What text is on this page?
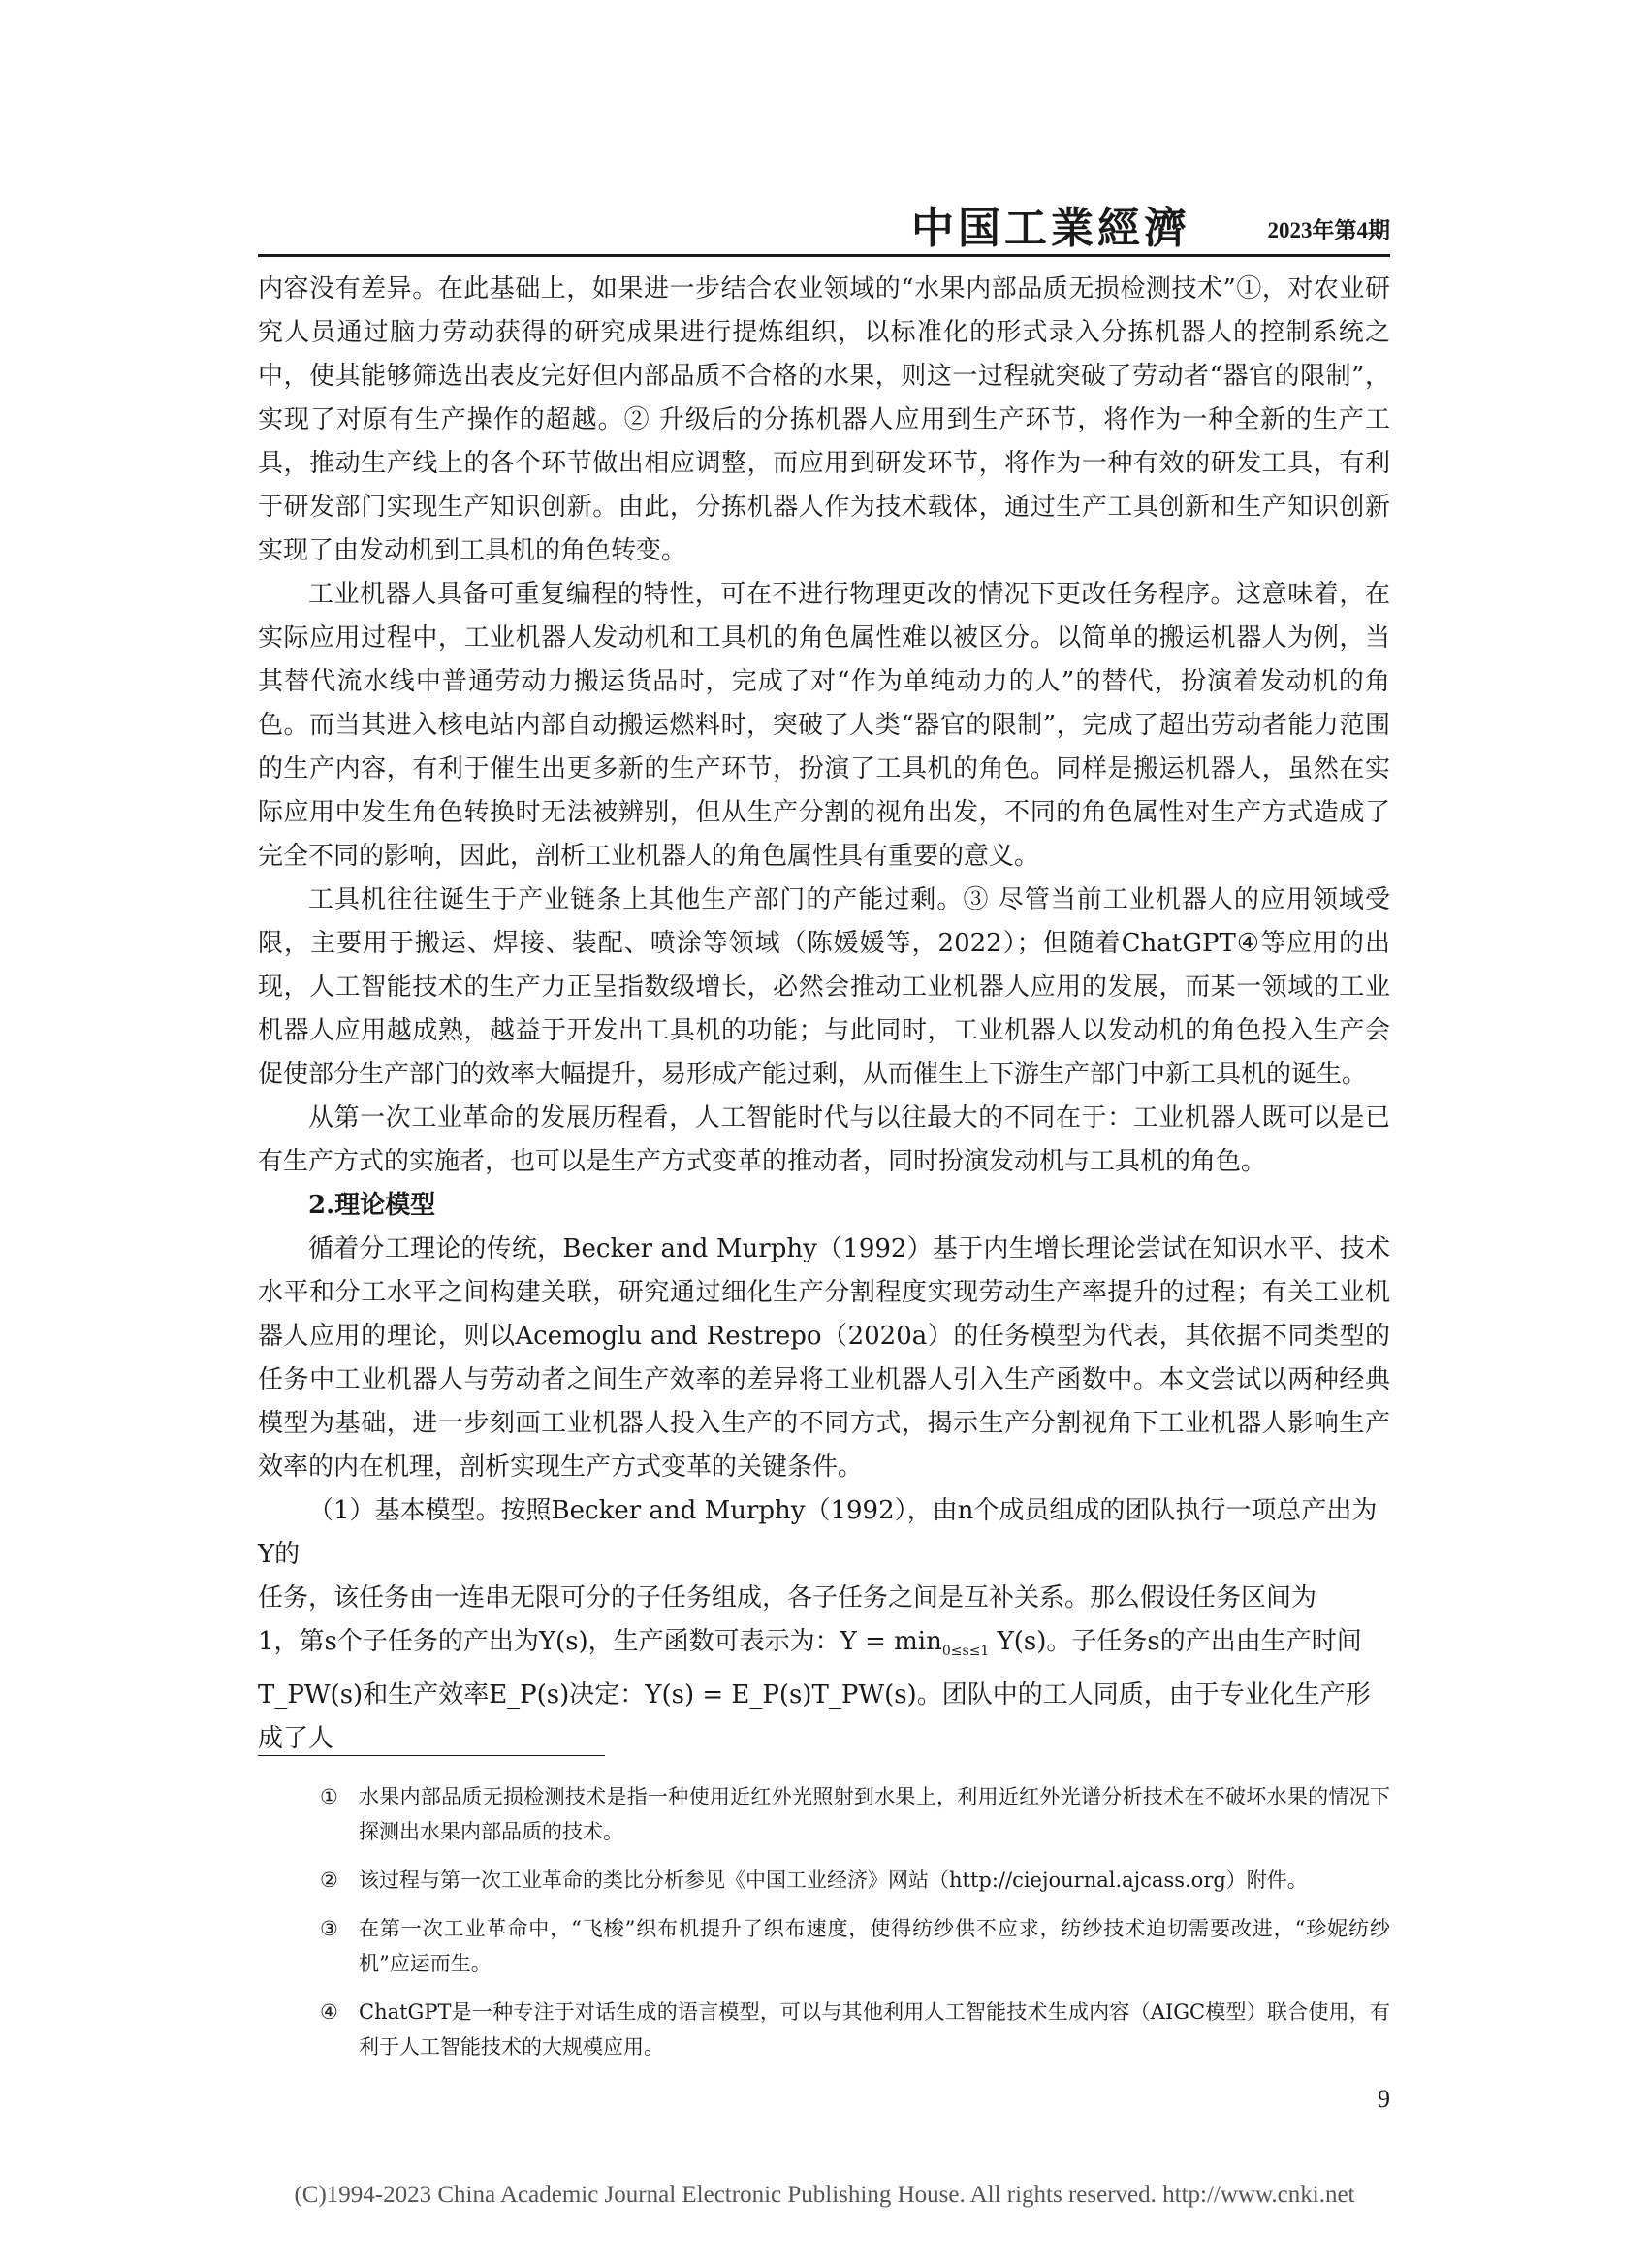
中国工業經濟	2023年第4期

内容没有差异。在此基础上，如果进一步结合农业领域的“水果内部品质无损检测技术”①，对农业研究人员通过脑力劳动获得的研究成果进行提炼组织，以标准化的形式录入分拣机器人的控制系统之中，使其能够筛选出表皮完好但内部品质不合格的水果，则这一过程就突破了劳动者“器官的限制”，实现了对原有生产操作的超越。② 升级后的分拣机器人应用到生产环节，将作为一种全新的生产工具，推动生产线上的各个环节做出相应调整，而应用到研发环节，将作为一种有效的研发工具，有利于研发部门实现生产知识创新。由此，分拣机器人作为技术载体，通过生产工具创新和生产知识创新实现了由发动机到工具机的角色转变。

工业机器人具备可重复编程的特性，可在不进行物理更改的情况下更改任务程序。这意味着，在实际应用过程中，工业机器人发动机和工具机的角色属性难以被区分。以简单的搬运机器人为例，当其替代流水线中普通劳动力搬运货品时，完成了对“作为单纯动力的人”的替代，扮演着发动机的角色。而当其进入核电站内部自动搬运燃料时，突破了人类“器官的限制”，完成了超出劳动者能力范围的生产内容，有利于催生出更多新的生产环节，扮演了工具机的角色。同样是搬运机器人，虽然在实际应用中发生角色转换时无法被辨别，但从生产分割的视角出发，不同的角色属性对生产方式造成了完全不同的影响，因此，剖析工业机器人的角色属性具有重要的意义。

工具机往往诞生于产业链条上其他生产部门的产能过剩。③ 尽管当前工业机器人的应用领域受限，主要用于搬运、焊接、装配、喷涂等领域（陈媛媛等，2022）；但随着ChatGPT④等应用的出现，人工智能技术的生产力正呈指数级增长，必然会推动工业机器人应用的发展，而某一领域的工业机器人应用越成熟，越益于开发出工具机的功能；与此同时，工业机器人以发动机的角色投入生产会促使部分生产部门的效率大幅提升，易形成产能过剩，从而催生上下游生产部门中新工具机的诞生。

从第一次工业革命的发展历程看，人工智能时代与以往最大的不同在于：工业机器人既可以是已有生产方式的实施者，也可以是生产方式变革的推动者，同时扮演发动机与工具机的角色。

2.理论模型

循着分工理论的传统，Becker and Murphy（1992）基于内生增长理论尝试在知识水平、技术水平和分工水平之间构建关联，研究通过细化生产分割程度实现劳动生产率提升的过程；有关工业机器人应用的理论，则以Acemoglu and Restrepo（2020a）的任务模型为代表，其依据不同类型的任务中工业机器人与劳动者之间生产效率的差异将工业机器人引入生产函数中。本文尝试以两种经典模型为基础，进一步刻画工业机器人投入生产的不同方式，揭示生产分割视角下工业机器人影响生产效率的内在机理，剖析实现生产方式变革的关键条件。

（1）基本模型。按照Becker and Murphy（1992），由n个成员组成的团队执行一项总产出为Y的

任务，该任务由一连串无限可分的子任务组成，各子任务之间是互补关系。那么假设任务区间为

1，第s个子任务的产出为Y(s)，生产函数可表示为：$Y = \min_{0\le s\le 1} Y(s)$。子任务s的产出由生产时间

T_PW(s)和生产效率E_P(s)决定：Y(s) = E_P(s)T_PW(s)。团队中的工人同质，由于专业化生产形成了人

① 水果内部品质无损检测技术是指一种使用近红外光照射到水果上，利用近红外光谱分析技术在不破坏水果的情况下探测出水果内部品质的技术。
② 该过程与第一次工业革命的类比分析参见《中国工业经济》网站（http://ciejournal.ajcass.org）附件。
③ 在第一次工业革命中，“飞梭”织布机提升了织布速度，使得纺纱供不应求，纺纱技术迫切需要改进，“珍妮纺纱机”应运而生。
④ ChatGPT是一种专注于对话生成的语言模型，可以与其他利用人工智能技术生成内容（AIGC模型）联合使用，有利于人工智能技术的大规模应用。
9
(C)1994-2023 China Academic Journal Electronic Publishing House. All rights reserved. http://www.cnki.net
